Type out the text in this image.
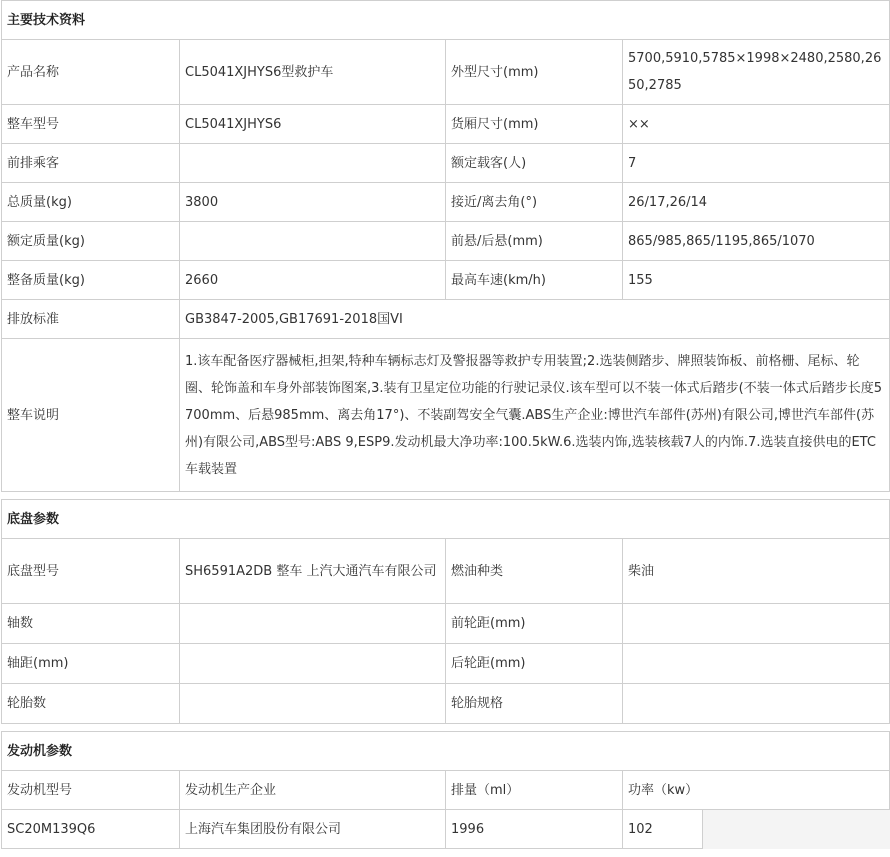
主要技术资料				
产品名称	CL5041XJHYS6型救护车	外型尺寸(mm)	5700,5910,5785×1998×2480,2580,2650,2785	
整车型号	CL5041XJHYS6	货厢尺寸(mm)	××	
前排乘客		额定载客(人)	7	
总质量(kg)	3800	接近/离去角(°)	26/17,26/14	
额定质量(kg)		前悬/后悬(mm)	865/985,865/1195,865/1070	
整备质量(kg)	2660	最高车速(km/h)	155	
排放标准	GB3847-2005,GB17691-2018国VI			
整车说明	1.该车配备医疗器械柜,担架,特种车辆标志灯及警报器等救护专用装置;2.选装侧踏步、牌照装饰板、前格栅、尾标、轮圈、轮饰盖和车身外部装饰图案,3.装有卫星定位功能的行驶记录仪.该车型可以不装一体式后踏步(不装一体式后踏步长度5700mm、后悬985mm、离去角17°)、不装副驾安全气囊.ABS生产企业:博世汽车部件(苏州)有限公司,博世汽车部件(苏州)有限公司,ABS型号:ABS 9,ESP9.发动机最大净功率:100.5kW.6.选装内饰,选装核载7人的内饰.7.选装直接供电的ETC车载装置			

底盘参数				
底盘型号	SH6591A2DB 整车 上汽大通汽车有限公司	燃油种类	柴油	
轴数		前轮距(mm)		
轴距(mm)		后轮距(mm)		
轮胎数		轮胎规格		

发动机参数				
发动机型号	发动机生产企业	排量（ml）	功率（kw）	
SC20M139Q6	上海汽车集团股份有限公司	1996	102	
